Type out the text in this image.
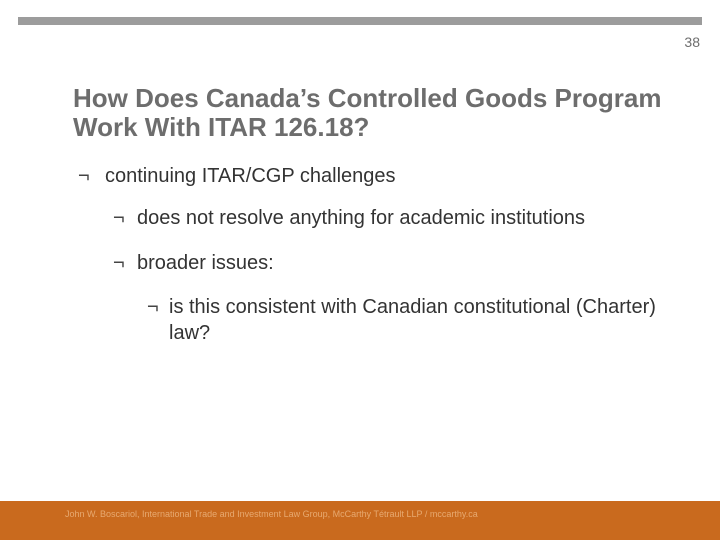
38
How Does Canada’s Controlled Goods Program Work With ITAR 126.18?
¬ continuing ITAR/CGP challenges
¬ does not resolve anything for academic institutions
¬ broader issues:
¬ is this consistent with Canadian constitutional (Charter) law?
John W. Boscariol, International Trade and Investment Law Group, McCarthy Tétrault LLP / mccarthy.ca
